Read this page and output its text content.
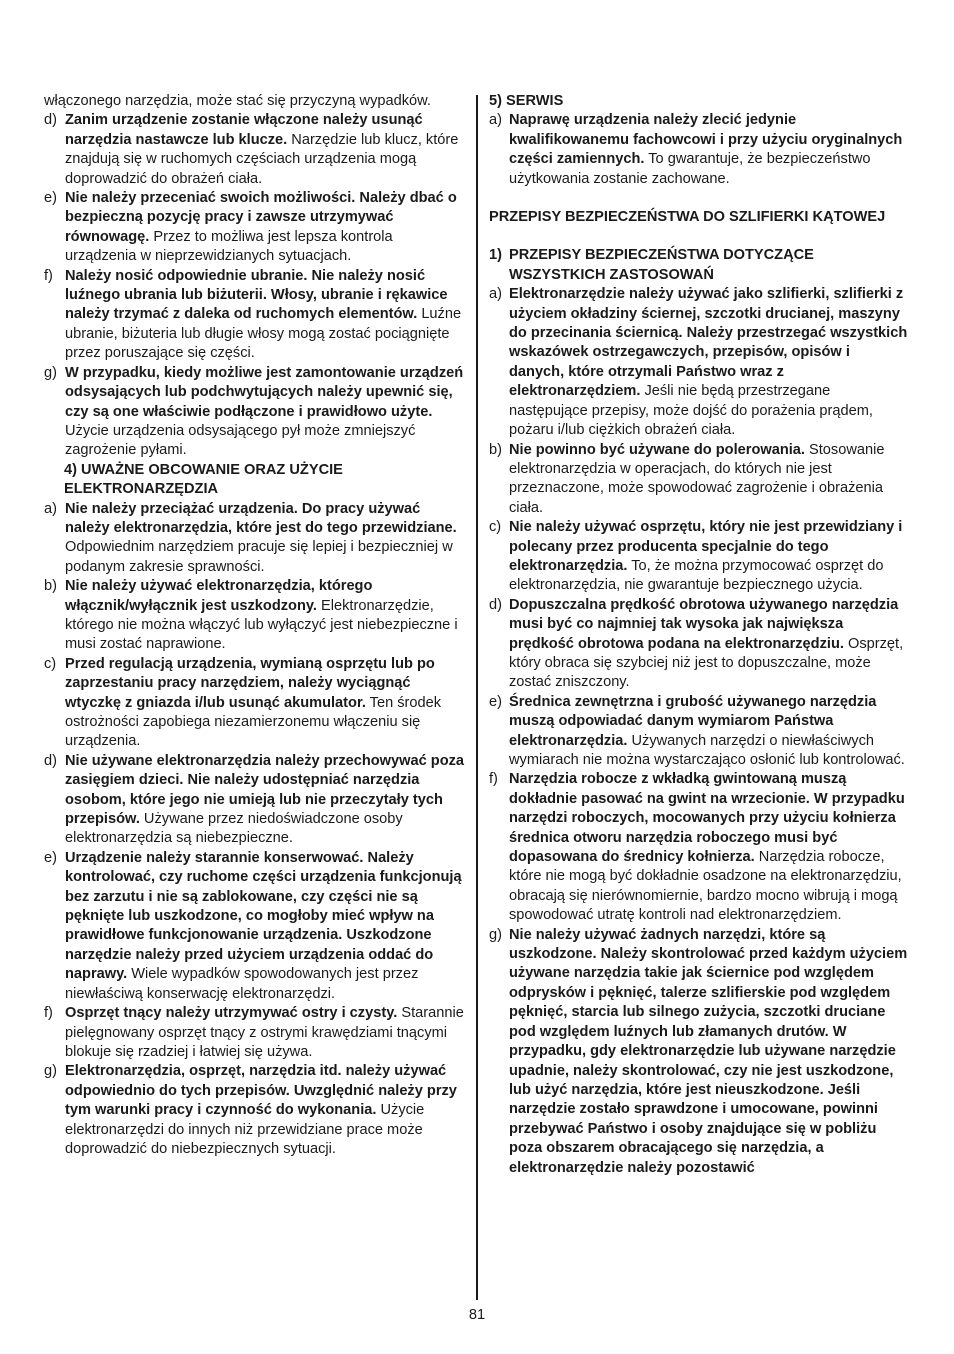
włączonego narzędzia, może stać się przyczyną wypadków.

d) Zanim urządzenie zostanie włączone należy usunąć narzędzia nastawcze lub klucze. Narzędzie lub klucz, które znajdują się w ruchomych częściach urządzenia mogą doprowadzić do obrażeń ciała.

e) Nie należy przeceniać swoich możliwości. Należy dbać o bezpieczną pozycję pracy i zawsze utrzymywać równowagę. Przez to możliwa jest lepsza kontrola urządzenia w nieprzewidzianych sytuacjach.

f) Należy nosić odpowiednie ubranie. Nie należy nosić luźnego ubrania lub biżuterii. Włosy, ubranie i rękawice należy trzymać z daleka od ruchomych elementów. Luźne ubranie, biżuteria lub długie włosy mogą zostać pociągnięte przez poruszające się części.

g) W przypadku, kiedy możliwe jest zamontowanie urządzeń odsysających lub podchwytujących należy upewnić się, czy są one właściwie podłączone i prawidłowo użyte. Użycie urządzenia odsysającego pył może zmniejszyć zagrożenie pyłami.

4) UWAŻNE OBCOWANIE ORAZ UŻYCIE ELEKTRONARZĘDZIA

a) Nie należy przeciążać urządzenia. Do pracy używać należy elektronarzędzia, które jest do tego przewidziane. Odpowiednim narzędziem pracuje się lepiej i bezpieczniej w podanym zakresie sprawności.

b) Nie należy używać elektronarzędzia, którego włącznik/wyłącznik jest uszkodzony. Elektronarzędzie, którego nie można włączyć lub wyłączyć jest niebezpieczne i musi zostać naprawione.

c) Przed regulacją urządzenia, wymianą osprzętu lub po zaprzestaniu pracy narzędziem, należy wyciągnąć wtyczkę z gniazda i/lub usunąć akumulator. Ten środek ostrożności zapobiega niezamierzonemu włączeniu się urządzenia.

d) Nie używane elektronarzędzia należy przechowywać poza zasięgiem dzieci. Nie należy udostępniać narzędzia osobom, które jego nie umieją lub nie przeczytały tych przepisów. Używane przez niedoświadczone osoby elektronarzędzia są niebezpieczne.

e) Urządzenie należy starannie konserwować. Należy kontrolować, czy ruchome części urządzenia funkcjonują bez zarzutu i nie są zablokowane, czy części nie są pęknięte lub uszkodzone, co mogłoby mieć wpływ na prawidłowe funkcjonowanie urządzenia. Uszkodzone narzędzie należy przed użyciem urządzenia oddać do naprawy. Wiele wypadków spowodowanych jest przez niewłaściwą konserwację elektronarzędzi.

f) Osprzęt tnący należy utrzymywać ostry i czysty. Starannie pielęgnowany osprzęt tnący z ostrymi krawędziami tnącymi blokuje się rzadziej i łatwiej się używa.

g) Elektronarzędzia, osprzęt, narzędzia itd. należy używać odpowiednio do tych przepisów. Uwzględnić należy przy tym warunki pracy i czynność do wykonania. Użycie elektronarzędzi do innych niż przewidziane prace może doprowadzić do niebezpiecznych sytuacji.

5) SERWIS

a) Naprawę urządzenia należy zlecić jedynie kwalifikowanemu fachowcowi i przy użyciu oryginalnych części zamiennych. To gwarantuje, że bezpieczeństwo użytkowania zostanie zachowane.

PRZEPISY BEZPIECZEŃSTWA DO SZLIFIERKI KĄTOWEJ

1) PRZEPISY BEZPIECZEŃSTWA DOTYCZĄCE WSZYSTKICH ZASTOSOWAŃ

a) Elektronarzędzie należy używać jako szlifierki, szlifierki z użyciem okładziny ściernej, szczotki drucianej, maszyny do przecinania ściernicą. Należy przestrzegać wszystkich wskazówek ostrzegawczych, przepisów, opisów i danych, które otrzymali Państwo wraz z elektronarzędziem. Jeśli nie będą przestrzegane następujące przepisy, może dojść do porażenia prądem, pożaru i/lub ciężkich obrażeń ciała.

b) Nie powinno być używane do polerowania. Stosowanie elektronarzędzia w operacjach, do których nie jest przeznaczone, może spowodować zagrożenie i obrażenia ciała.

c) Nie należy używać osprzętu, który nie jest przewidziany i polecany przez producenta specjalnie do tego elektronarzędzia. To, że można przymocować osprzęt do elektronarzędzia, nie gwarantuje bezpiecznego użycia.

d) Dopuszczalna prędkość obrotowa używanego narzędzia musi być co najmniej tak wysoka jak największa prędkość obrotowa podana na elektronarzędziu. Osprzęt, który obraca się szybciej niż jest to dopuszczalne, może zostać zniszczony.

e) Średnica zewnętrzna i grubość używanego narzędzia muszą odpowiadać danym wymiarom Państwa elektronarzędzia. Używanych narzędzi o niewłaściwych wymiarach nie można wystarczająco osłonić lub kontrolować.

f) Narzędzia robocze z wkładką gwintowaną muszą dokładnie pasować na gwint na wrzecionie. W przypadku narzędzi roboczych, mocowanych przy użyciu kołnierza średnica otworu narzędzia roboczego musi być dopasowana do średnicy kołnierza. Narzędzia robocze, które nie mogą być dokładnie osadzone na elektronarzędziu, obracają się nierównomiernie, bardzo mocno wibrują i mogą spowodować utratę kontroli nad elektronarzędziem.

g) Nie należy używać żadnych narzędzi, które są uszkodzone. Należy skontrolować przed każdym użyciem używane narzędzia takie jak ściernice pod względem odprysków i pęknięć, talerze szlifierskie pod względem pęknięć, starcia lub silnego zużycia, szczotki druciane pod względem luźnych lub złamanych drutów. W przypadku, gdy elektronarzędzie lub używane narzędzie upadnie, należy skontrolować, czy nie jest uszkodzone, lub użyć narzędzia, które jest nieuszkodzone. Jeśli narzędzie zostało sprawdzone i umocowane, powinni przebywać Państwo i osoby znajdujące się w pobliżu poza obszarem obracającego się narzędzia, a elektronarzędzie należy pozostawić

81
